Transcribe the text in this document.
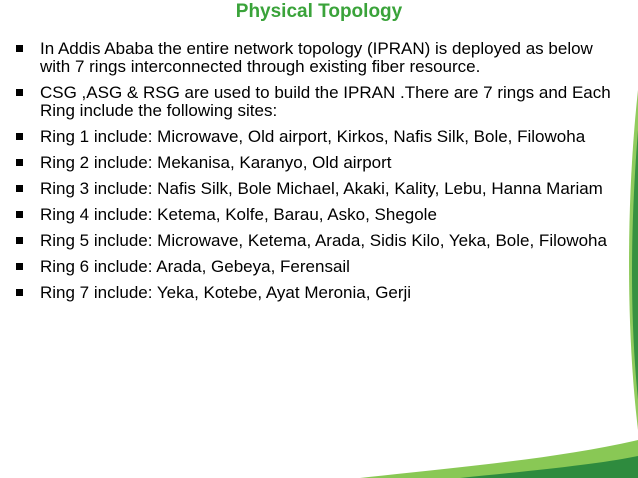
Physical Topology
In Addis Ababa the entire network topology (IPRAN) is deployed as below with 7 rings interconnected through existing fiber resource.
CSG ,ASG & RSG are used to build the IPRAN .There are 7 rings and Each Ring include the following sites:
Ring 1 include: Microwave, Old airport, Kirkos, Nafis Silk, Bole, Filowoha
Ring 2 include: Mekanisa, Karanyo, Old airport
Ring 3 include: Nafis Silk, Bole Michael, Akaki, Kality, Lebu, Hanna Mariam
Ring 4 include: Ketema, Kolfe, Barau, Asko, Shegole
Ring 5 include: Microwave, Ketema, Arada, Sidis Kilo, Yeka, Bole, Filowoha
Ring 6 include: Arada, Gebeya, Ferensail
Ring 7 include: Yeka, Kotebe, Ayat Meronia, Gerji
